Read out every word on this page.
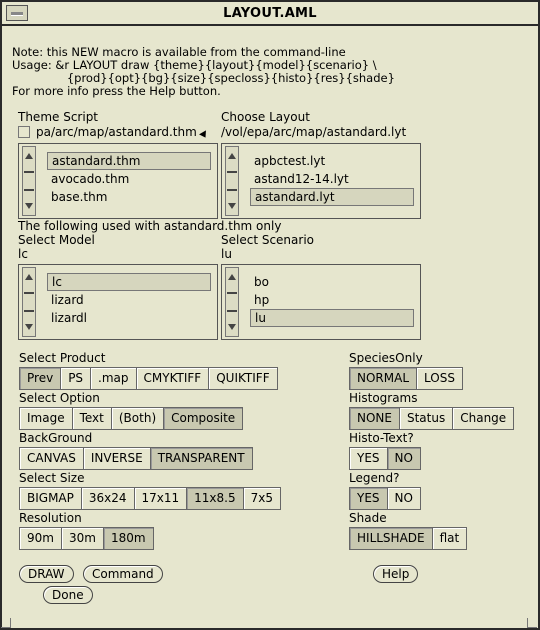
LAYOUT.AML
Note: this NEW macro is available from the command-line
Usage: &r LAYOUT draw {theme}{layout}{model}{scenario} \
{prod}{opt}{bg}{size}{specloss}{histo}{res}{shade}
For more info press the Help button.
Theme Script
pa/arc/map/astandard.thm
astandard.thm
avocado.thm
base.thm
Choose Layout
/vol/epa/arc/map/astandard.lyt
apbctest.lyt
astand12-14.lyt
astandard.lyt
The following used with astandard.thm only
Select Model
lc
lc
lizard
lizardl
Select Scenario
lu
bo
hp
lu
Select Product
Prev	PS	.map	CMYKTIFF	QUIKTIFF
Select Option
Image	Text	(Both)	Composite
BackGround
CANVAS	INVERSE	TRANSPARENT
Select Size
BIGMAP	36x24	17x11	11x8.5	7x5
Resolution
90m	30m	180m
SpeciesOnly
NORMAL	LOSS
Histograms
NONE	Status	Change
Histo-Text?
YES	NO
Legend?
YES	NO
Shade
HILLSHADE	flat
DRAW	Command	Help
Done
